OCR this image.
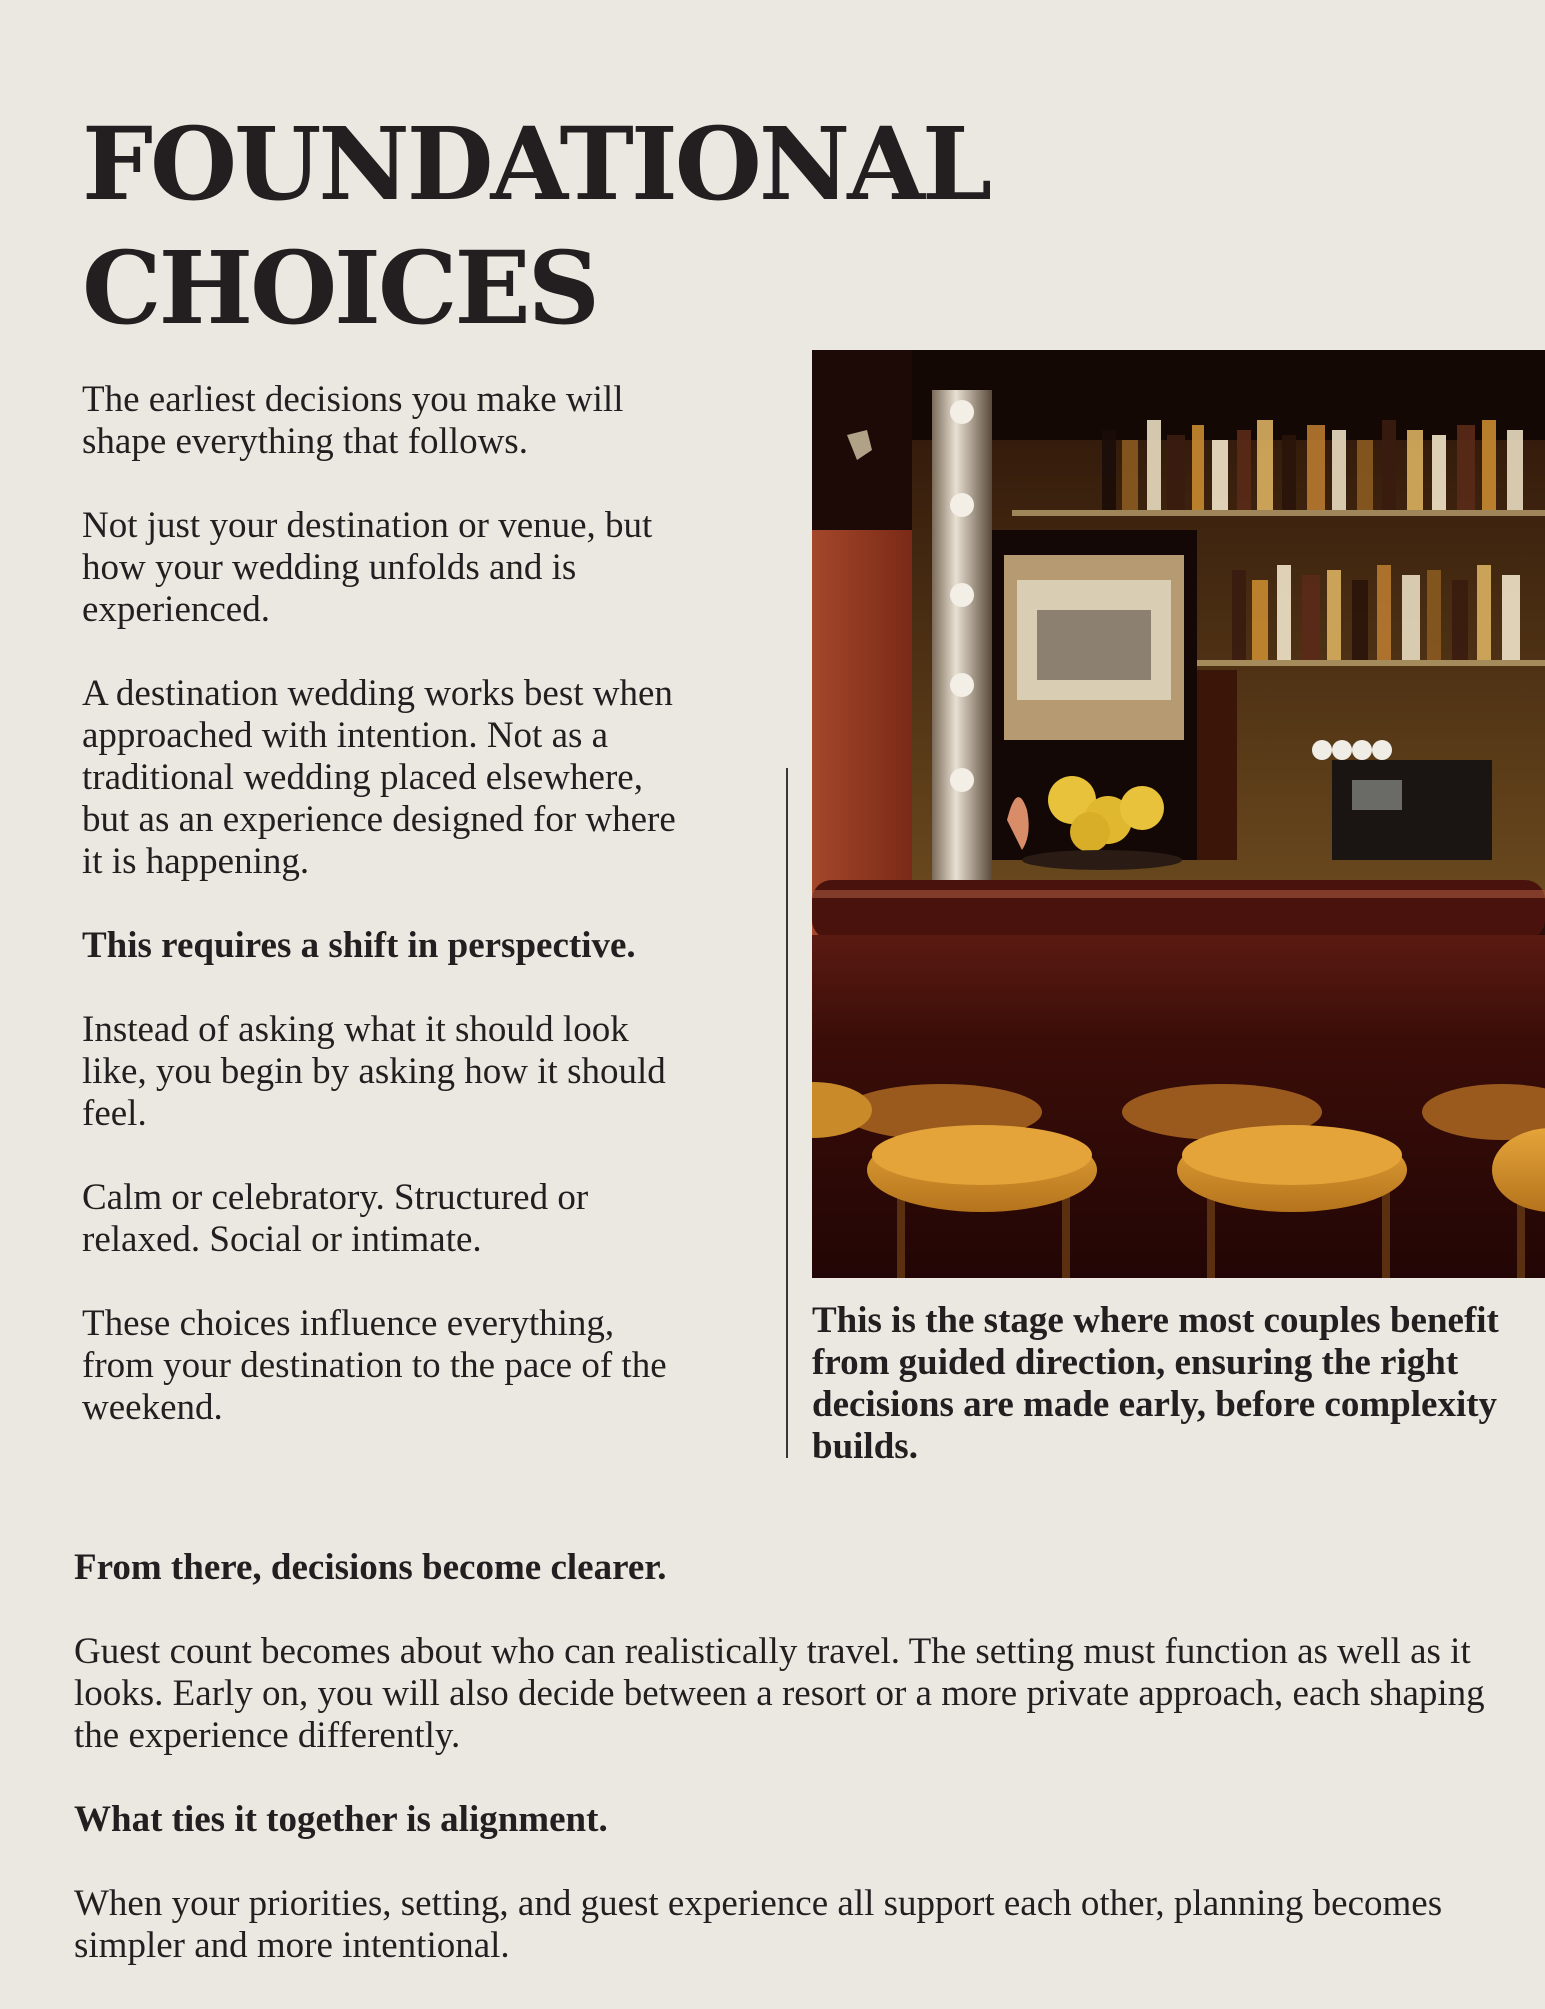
FOUNDATIONAL
CHOICES

The earliest decisions you make will shape everything that follows.

Not just your destination or venue, but how your wedding unfolds and is experienced.

A destination wedding works best when approached with intention. Not as a traditional wedding placed elsewhere, but as an experience designed for where it is happening.

This requires a shift in perspective.

Instead of asking what it should look like, you begin by asking how it should feel.

Calm or celebratory. Structured or relaxed. Social or intimate.

These choices influence everything, from your destination to the pace of the weekend.

This is the stage where most couples benefit from guided direction, ensuring the right decisions are made early, before complexity builds.

From there, decisions become clearer.

Guest count becomes about who can realistically travel. The setting must function as well as it looks. Early on, you will also decide between a resort or a more private approach, each shaping the experience differently.

What ties it together is alignment.

When your priorities, setting, and guest experience all support each other, planning becomes simpler and more intentional.
